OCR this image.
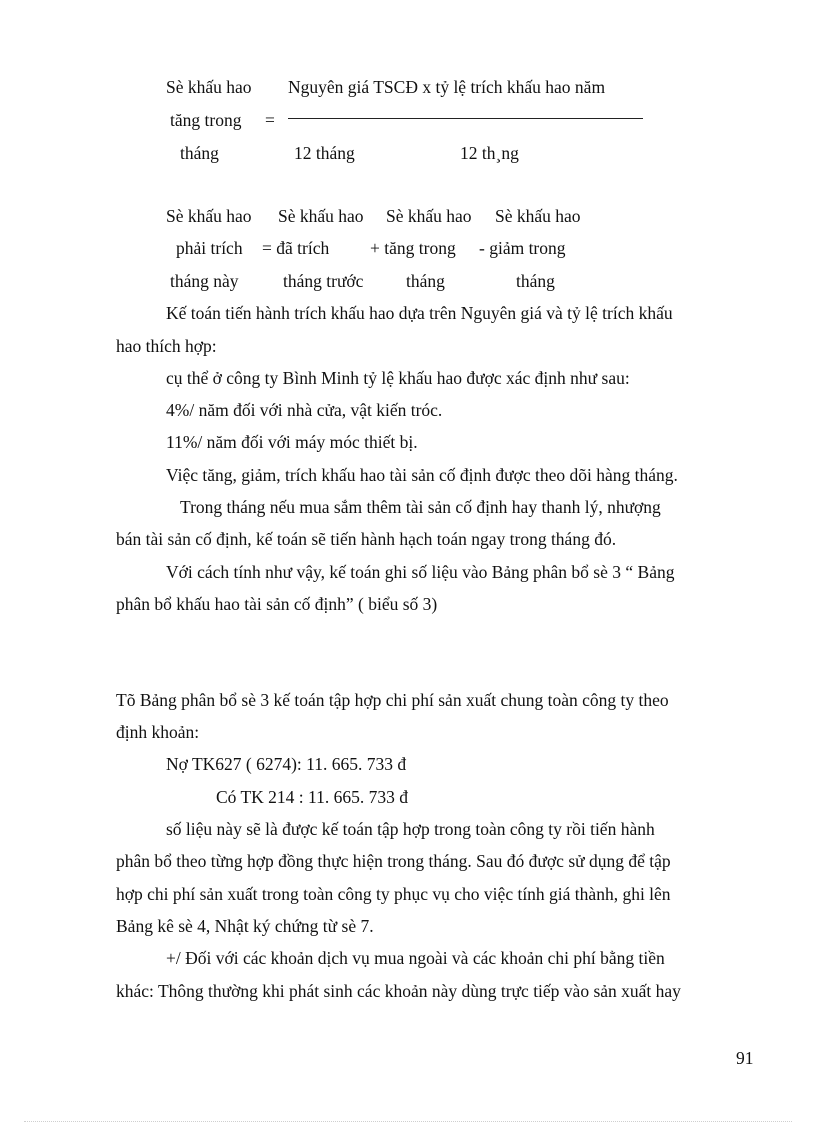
Sè khấu hao Nguyên giá TSCĐ x tỷ lệ trích khấu hao năm
tăng trong =
tháng	12 tháng	12 th¸ng
Sè khấu hao Sè khấu hao Sè khấu hao Sè khấu hao
phải trích = đã trích + tăng trong - giảm trong
tháng này	tháng trước tháng	tháng
Kế toán tiến hành trích khấu hao dựa trên Nguyên giá và tỷ lệ trích khấu
hao thích hợp:
cụ thể ở công ty Bình Minh tỷ lệ khấu hao được xác định như sau:
4%/ năm đối với nhà cửa, vật kiến tróc.
11%/ năm đối với máy móc thiết bị.
Việc tăng, giảm, trích khấu hao tài sản cố định được theo dõi hàng tháng.
Trong tháng nếu mua sắm thêm tài sản cố định hay thanh lý, nhượng
bán tài sản cố định, kế toán sẽ tiến hành hạch toán ngay trong tháng đó.
Với cách tính như vậy, kế toán ghi số liệu vào Bảng phân bổ sè 3 “ Bảng
phân bổ khấu hao tài sản cố định” ( biểu số 3)
Tõ Bảng phân bổ sè 3 kế toán tập hợp chi phí sản xuất chung toàn công ty theo
định khoản:
Nợ TK627 ( 6274): 11. 665. 733 đ
Có TK 214 : 11. 665. 733 đ
số liệu này sẽ là được kế toán tập hợp trong toàn công ty rồi tiến hành
phân bổ theo từng hợp đồng thực hiện trong tháng. Sau đó được sử dụng để tập
hợp chi phí sản xuất trong toàn công ty phục vụ cho việc tính giá thành, ghi lên
Bảng kê sè 4, Nhật ký chứng từ sè 7.
+/ Đối với các khoản dịch vụ mua ngoài và các khoản chi phí bằng tiền
khác: Thông thường khi phát sinh các khoản này dùng trực tiếp vào sản xuất hay
91
